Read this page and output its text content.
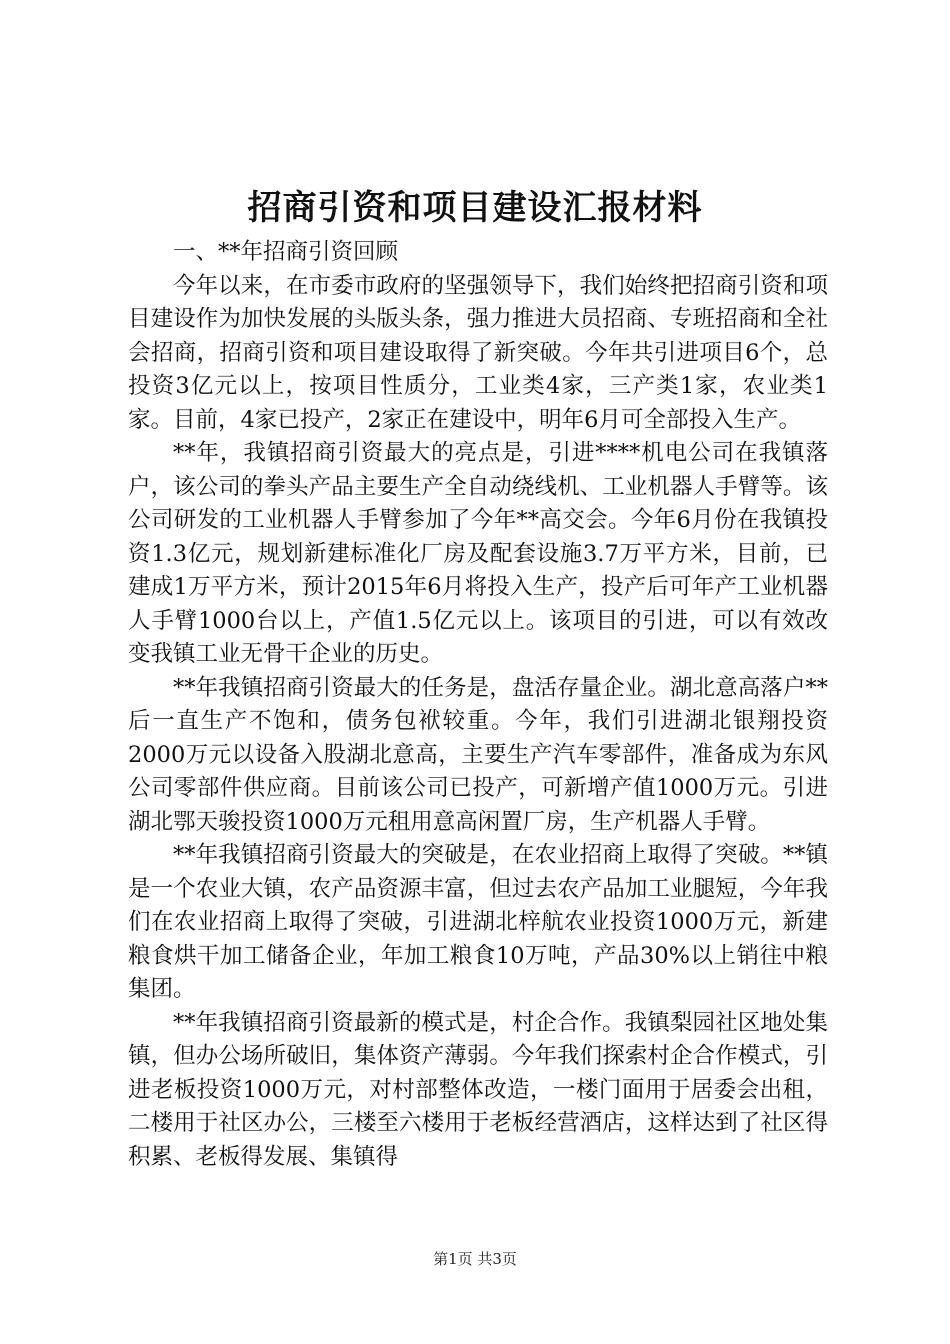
招商引资和项目建设汇报材料

一、**年招商引资回顾

今年以来，在市委市政府的坚强领导下，我们始终把招商引资和项目建设作为加快发展的头版头条，强力推进大员招商、专班招商和全社会招商，招商引资和项目建设取得了新突破。今年共引进项目6个，总投资3亿元以上，按项目性质分，工业类4家，三产类1家，农业类1家。目前，4家已投产，2家正在建设中，明年6月可全部投入生产。

**年，我镇招商引资最大的亮点是，引进****机电公司在我镇落户，该公司的拳头产品主要生产全自动绕线机、工业机器人手臂等。该公司研发的工业机器人手臂参加了今年**高交会。今年6月份在我镇投资1.3亿元，规划新建标准化厂房及配套设施3.7万平方米，目前，已建成1万平方米，预计2015年6月将投入生产，投产后可年产工业机器人手臂1000台以上，产值1.5亿元以上。该项目的引进，可以有效改变我镇工业无骨干企业的历史。

**年我镇招商引资最大的任务是，盘活存量企业。湖北意高落户**后一直生产不饱和，债务包袱较重。今年，我们引进湖北银翔投资2000万元以设备入股湖北意高，主要生产汽车零部件，准备成为东风公司零部件供应商。目前该公司已投产，可新增产值1000万元。引进湖北鄂天骏投资1000万元租用意高闲置厂房，生产机器人手臂。

**年我镇招商引资最大的突破是，在农业招商上取得了突破。**镇是一个农业大镇，农产品资源丰富，但过去农产品加工业腿短，今年我们在农业招商上取得了突破，引进湖北梓航农业投资1000万元，新建粮食烘干加工储备企业，年加工粮食10万吨，产品30%以上销往中粮集团。

**年我镇招商引资最新的模式是，村企合作。我镇梨园社区地处集镇，但办公场所破旧，集体资产薄弱。今年我们探索村企合作模式，引进老板投资1000万元，对村部整体改造，一楼门面用于居委会出租，二楼用于社区办公，三楼至六楼用于老板经营酒店，这样达到了社区得积累、老板得发展、集镇得

第1页 共3页
